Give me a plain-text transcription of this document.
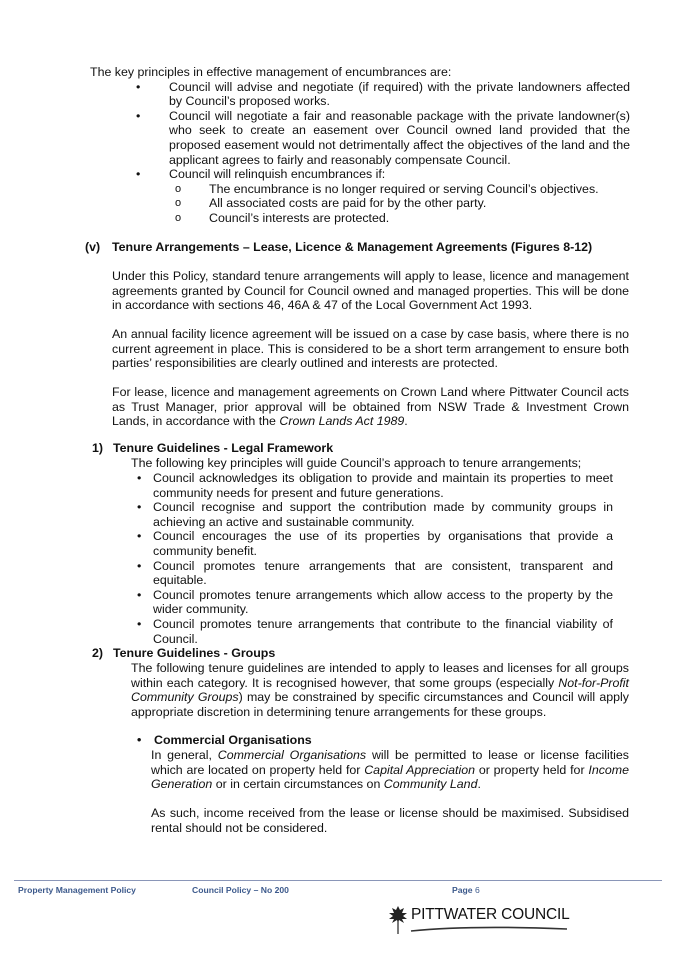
The key principles in effective management of encumbrances are:
• Council will advise and negotiate (if required) with the private landowners affected by Council’s proposed works.
• Council will negotiate a fair and reasonable package with the private landowner(s) who seek to create an easement over Council owned land provided that the proposed easement would not detrimentally affect the objectives of the land and the applicant agrees to fairly and reasonably compensate Council.
• Council will relinquish encumbrances if:
o The encumbrance is no longer required or serving Council’s objectives.
o All associated costs are paid for by the other party.
o Council’s interests are protected.
(v) Tenure Arrangements – Lease, Licence & Management Agreements (Figures 8-12)
Under this Policy, standard tenure arrangements will apply to lease, licence and management agreements granted by Council for Council owned and managed properties. This will be done in accordance with sections 46, 46A & 47 of the Local Government Act 1993.
An annual facility licence agreement will be issued on a case by case basis, where there is no current agreement in place. This is considered to be a short term arrangement to ensure both parties’ responsibilities are clearly outlined and interests are protected.
For lease, licence and management agreements on Crown Land where Pittwater Council acts as Trust Manager, prior approval will be obtained from NSW Trade & Investment Crown Lands, in accordance with the Crown Lands Act 1989.
1) Tenure Guidelines - Legal Framework
The following key principles will guide Council’s approach to tenure arrangements;
• Council acknowledges its obligation to provide and maintain its properties to meet community needs for present and future generations.
• Council recognise and support the contribution made by community groups in achieving an active and sustainable community.
• Council encourages the use of its properties by organisations that provide a community benefit.
• Council promotes tenure arrangements that are consistent, transparent and equitable.
• Council promotes tenure arrangements which allow access to the property by the wider community.
• Council promotes tenure arrangements that contribute to the financial viability of Council.
2) Tenure Guidelines - Groups
The following tenure guidelines are intended to apply to leases and licenses for all groups within each category. It is recognised however, that some groups (especially Not-for-Profit Community Groups) may be constrained by specific circumstances and Council will apply appropriate discretion in determining tenure arrangements for these groups.
• Commercial Organisations
In general, Commercial Organisations will be permitted to lease or license facilities which are located on property held for Capital Appreciation or property held for Income Generation or in certain circumstances on Community Land.
As such, income received from the lease or license should be maximised. Subsidised rental should not be considered.
Property Management Policy	Council Policy – No 200	Page 6
PITTWATER COUNCIL
